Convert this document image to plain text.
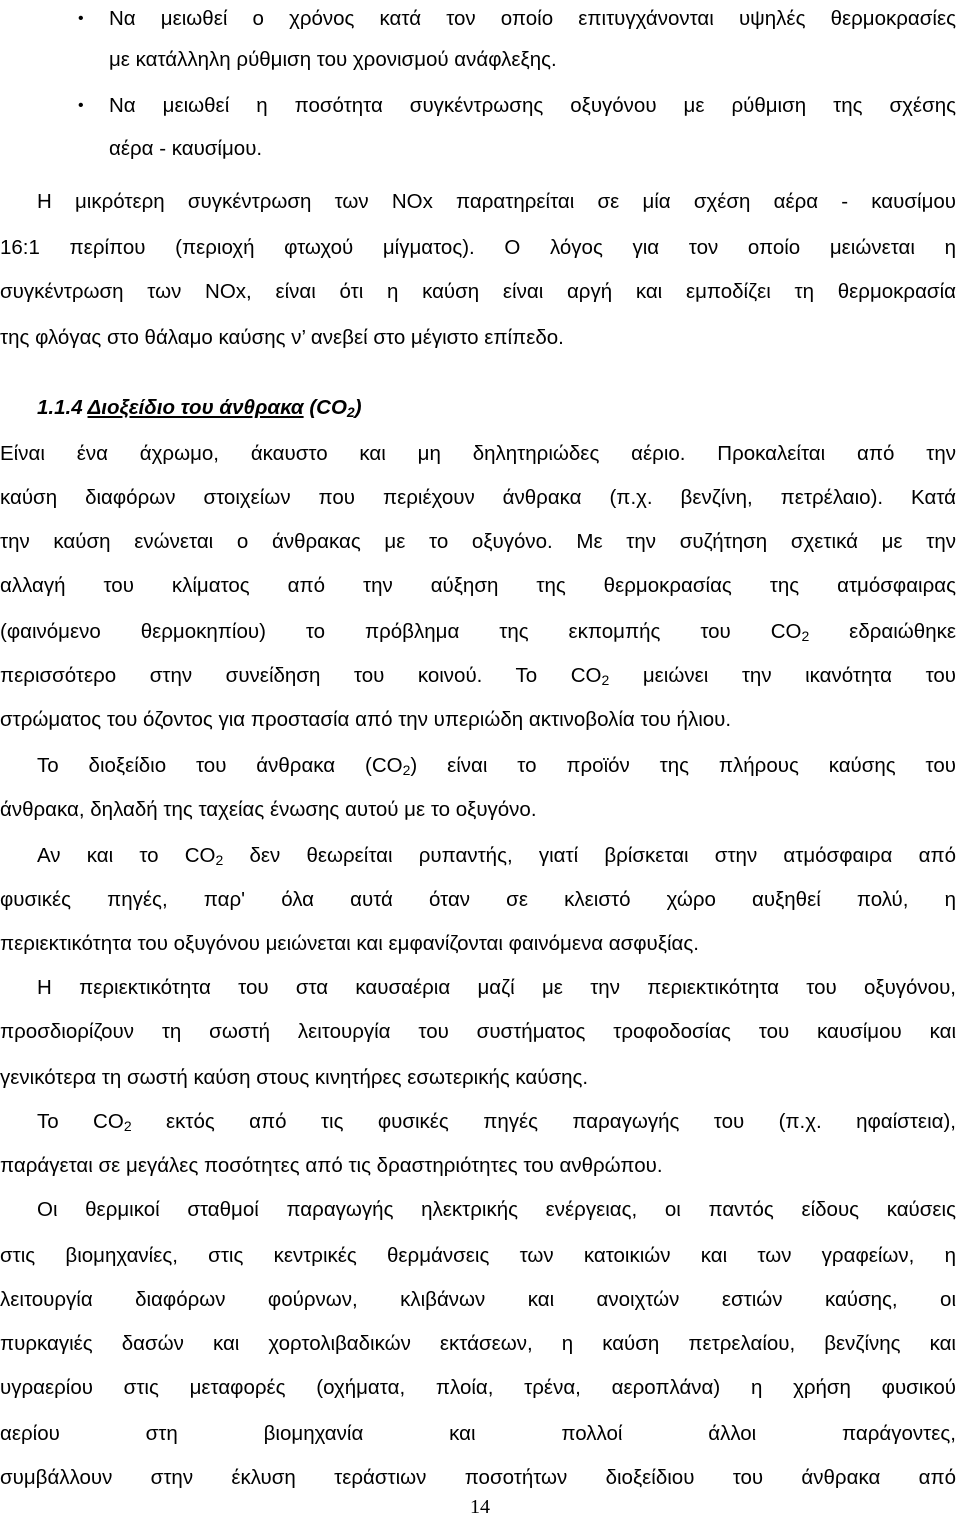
• Να μειωθεί ο χρόνος κατά τον οποίο επιτυγχάνονται υψηλές θερμοκρασίες
με κατάλληλη ρύθμιση του χρονισμού ανάφλεξης.
• Να μειωθεί η ποσότητα συγκέντρωσης οξυγόνου με ρύθμιση της σχέσης
αέρα - καυσίμου.
Η μικρότερη συγκέντρωση των NOx παρατηρείται σε μία σχέση αέρα - καυσίμου
16:1 περίπου (περιοχή φτωχού μίγματος). Ο λόγος για τον οποίο μειώνεται η
συγκέντρωση των NOx, είναι ότι η καύση είναι αργή και εμποδίζει τη θερμοκρασία
της φλόγας στο θάλαμο καύσης ν’ ανεβεί στο μέγιστο επίπεδο.
1.1.4 Διοξείδιο του άνθρακα $(CO_2)$
Είναι ένα άχρωμο, άκαυστο και μη δηλητηριώδες αέριο. Προκαλείται από την
καύση διαφόρων στοιχείων που περιέχουν άνθρακα (π.χ. βενζίνη, πετρέλαιο). Κατά
την καύση ενώνεται ο άνθρακας με το οξυγόνο. Με την συζήτηση σχετικά με την
αλλαγή του κλίματος από την αύξηση της θερμοκρασίας της ατμόσφαιρας
(φαινόμενο θερμοκηπίου) το πρόβλημα της εκπομπής του $CO_2$ εδραιώθηκε
περισσότερο στην συνείδηση του κοινού. Το $CO_2$ μειώνει την ικανότητα του
στρώματος του όζοντος για προστασία από την υπεριώδη ακτινοβολία του ήλιου.
Το διοξείδιο του άνθρακα $(CO_2)$ είναι το προϊόν της πλήρους καύσης του
άνθρακα, δηλαδή της ταχείας ένωσης αυτού με το οξυγόνο.
Αν και το $CO_2$ δεν θεωρείται ρυπαντής, γιατί βρίσκεται στην ατμόσφαιρα από
φυσικές πηγές, παρ' όλα αυτά όταν σε κλειστό χώρο αυξηθεί πολύ, η
περιεκτικότητα του οξυγόνου μειώνεται και εμφανίζονται φαινόμενα ασφυξίας.
Η περιεκτικότητα του στα καυσαέρια μαζί με την περιεκτικότητα του οξυγόνου,
προσδιορίζουν τη σωστή λειτουργία του συστήματος τροφοδοσίας του καυσίμου και
γενικότερα τη σωστή καύση στους κινητήρες εσωτερικής καύσης.
Το $CO_2$ εκτός από τις φυσικές πηγές παραγωγής του (π.χ. ηφαίστεια),
παράγεται σε μεγάλες ποσότητες από τις δραστηριότητες του ανθρώπου.
Οι θερμικοί σταθμοί παραγωγής ηλεκτρικής ενέργειας, οι παντός είδους καύσεις
στις βιομηχανίες, στις κεντρικές θερμάνσεις των κατοικιών και των γραφείων, η
λειτουργία διαφόρων φούρνων, κλιβάνων και ανοιχτών εστιών καύσης, οι
πυρκαγιές δασών και χορτολιβαδικών εκτάσεων, η καύση πετρελαίου, βενζίνης και
υγραερίου στις μεταφορές (οχήματα, πλοία, τρένα, αεροπλάνα) η χρήση φυσικού
αερίου στη βιομηχανία και πολλοί άλλοι παράγοντες,
συμβάλλουν στην έκλυση τεράστιων ποσοτήτων διοξείδιου του άνθρακα από
14
